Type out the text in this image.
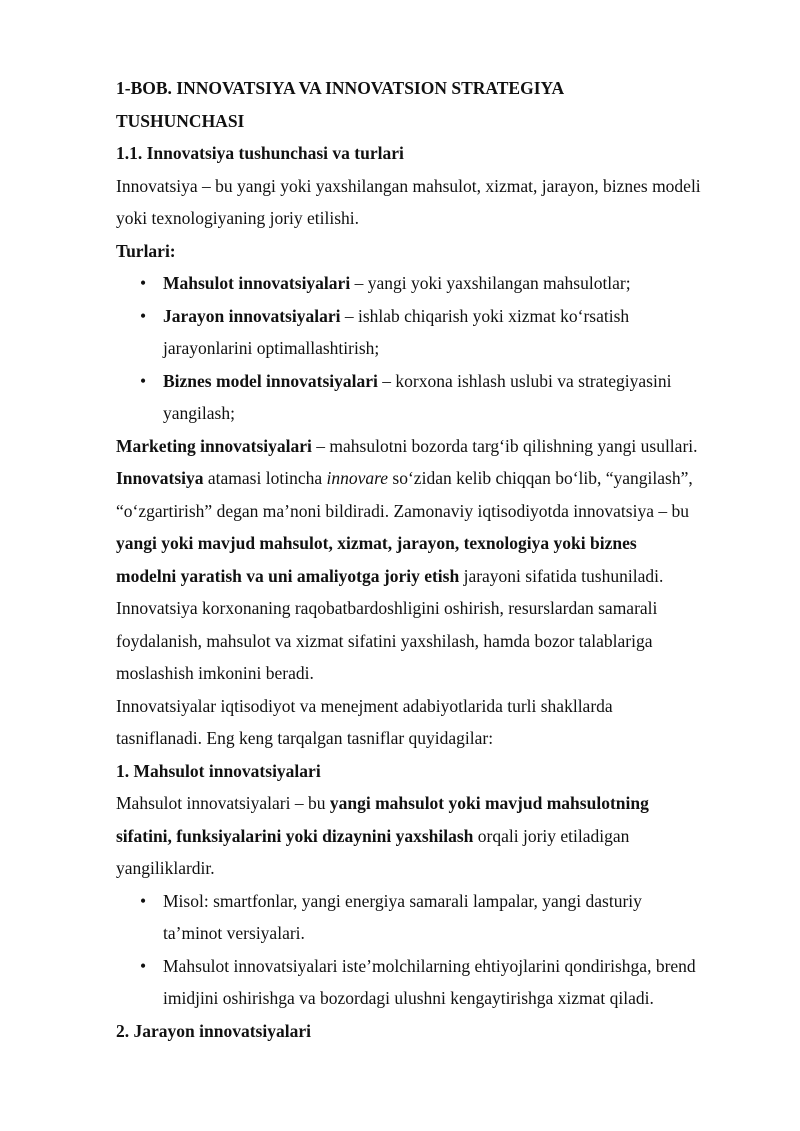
1-BOB. INNOVATSIYA VA INNOVATSION STRATEGIYA
TUSHUNCHASI
1.1. Innovatsiya tushunchasi va turlari
Innovatsiya – bu yangi yoki yaxshilangan mahsulot, xizmat, jarayon, biznes modeli
yoki texnologiyaning joriy etilishi.
Turlari:
• Mahsulot innovatsiyalari – yangi yoki yaxshilangan mahsulotlar;
• Jarayon innovatsiyalari – ishlab chiqarish yoki xizmat ko‘rsatish
jarayonlarini optimallashtirish;
• Biznes model innovatsiyalari – korxona ishlash uslubi va strategiyasini
yangilash;
Marketing innovatsiyalari – mahsulotni bozorda targ‘ib qilishning yangi usullari.
Innovatsiya atamasi lotincha innovare so‘zidan kelib chiqqan bo‘lib, “yangilash”,
“o‘zgartirish” degan ma’noni bildiradi. Zamonaviy iqtisodiyotda innovatsiya – bu
yangi yoki mavjud mahsulot, xizmat, jarayon, texnologiya yoki biznes
modelni yaratish va uni amaliyotga joriy etish jarayoni sifatida tushuniladi.
Innovatsiya korxonaning raqobatbardoshligini oshirish, resurslardan samarali
foydalanish, mahsulot va xizmat sifatini yaxshilash, hamda bozor talablariga
moslashish imkonini beradi.
Innovatsiyalar iqtisodiyot va menejment adabiyotlarida turli shakllarda
tasniflanadi. Eng keng tarqalgan tasniflar quyidagilar:
1. Mahsulot innovatsiyalari
Mahsulot innovatsiyalari – bu yangi mahsulot yoki mavjud mahsulotning
sifatini, funksiyalarini yoki dizaynini yaxshilash orqali joriy etiladigan
yangiliklardir.
• Misol: smartfonlar, yangi energiya samarali lampalar, yangi dasturiy
ta’minot versiyalari.
• Mahsulot innovatsiyalari iste’molchilarning ehtiyojlarini qondirishga, brend
imidjini oshirishga va bozordagi ulushni kengaytirishga xizmat qiladi.
2. Jarayon innovatsiyalari
